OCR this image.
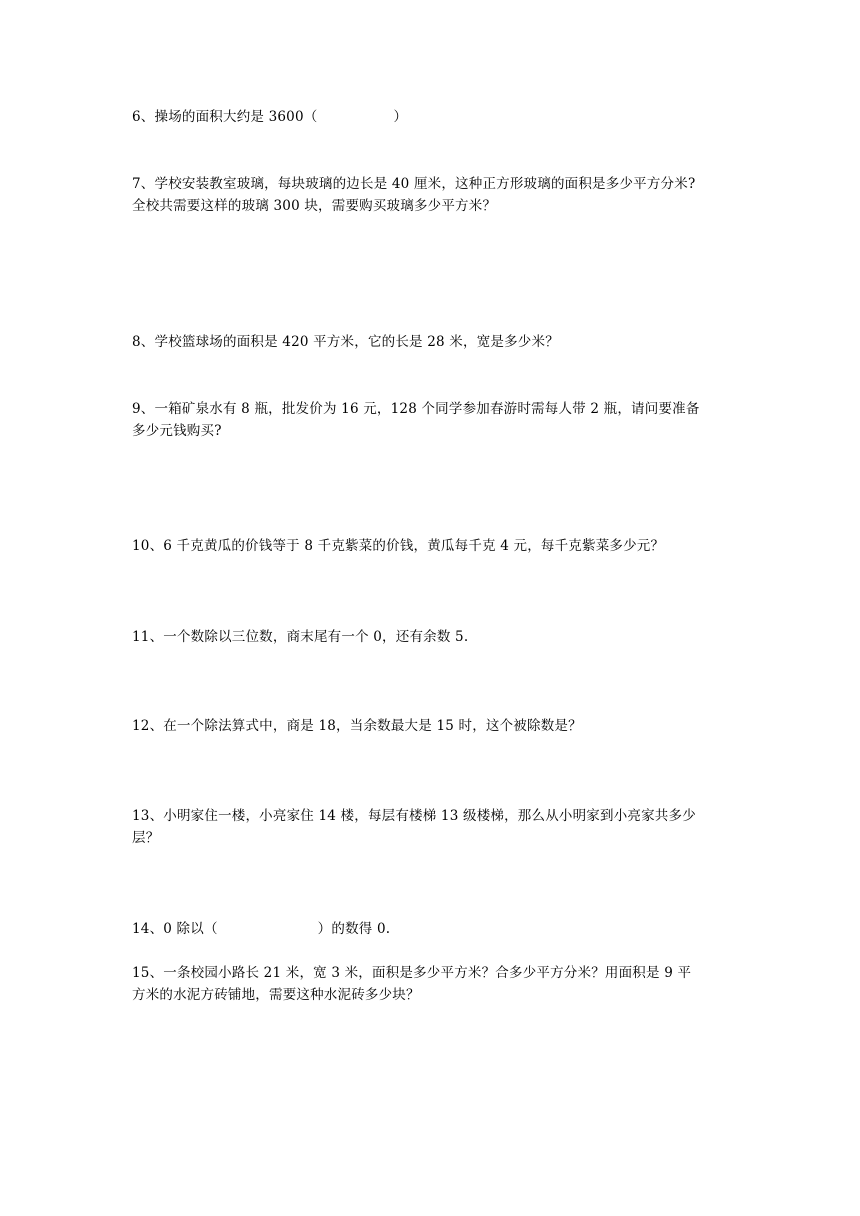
6、操场的面积大约是 3600（	）
7、学校安装教室玻璃，每块玻璃的边长是 40 厘米，这种正方形玻璃的面积是多少平方分米?
全校共需要这样的玻璃 300 块，需要购买玻璃多少平方米？
8、学校篮球场的面积是 420 平方米，它的长是 28 米，宽是多少米？
9、一箱矿泉水有 8 瓶，批发价为 16 元，128 个同学参加春游时需每人带 2 瓶，请问要准备
多少元钱购买?
10、6 千克黄瓜的价钱等于 8 千克紫菜的价钱，黄瓜每千克 4 元，每千克紫菜多少元？
11、一个数除以三位数，商末尾有一个 0，还有余数 5.
12、在一个除法算式中，商是 18，当余数最大是 15 时，这个被除数是？
13、小明家住一楼，小亮家住 14 楼，每层有楼梯 13 级楼梯，那么从小明家到小亮家共多少
层？
14、0 除以（	）的数得 0.
15、一条校园小路长 21 米，宽 3 米，面积是多少平方米？合多少平方分米？用面积是 9 平
方米的水泥方砖铺地，需要这种水泥砖多少块？
